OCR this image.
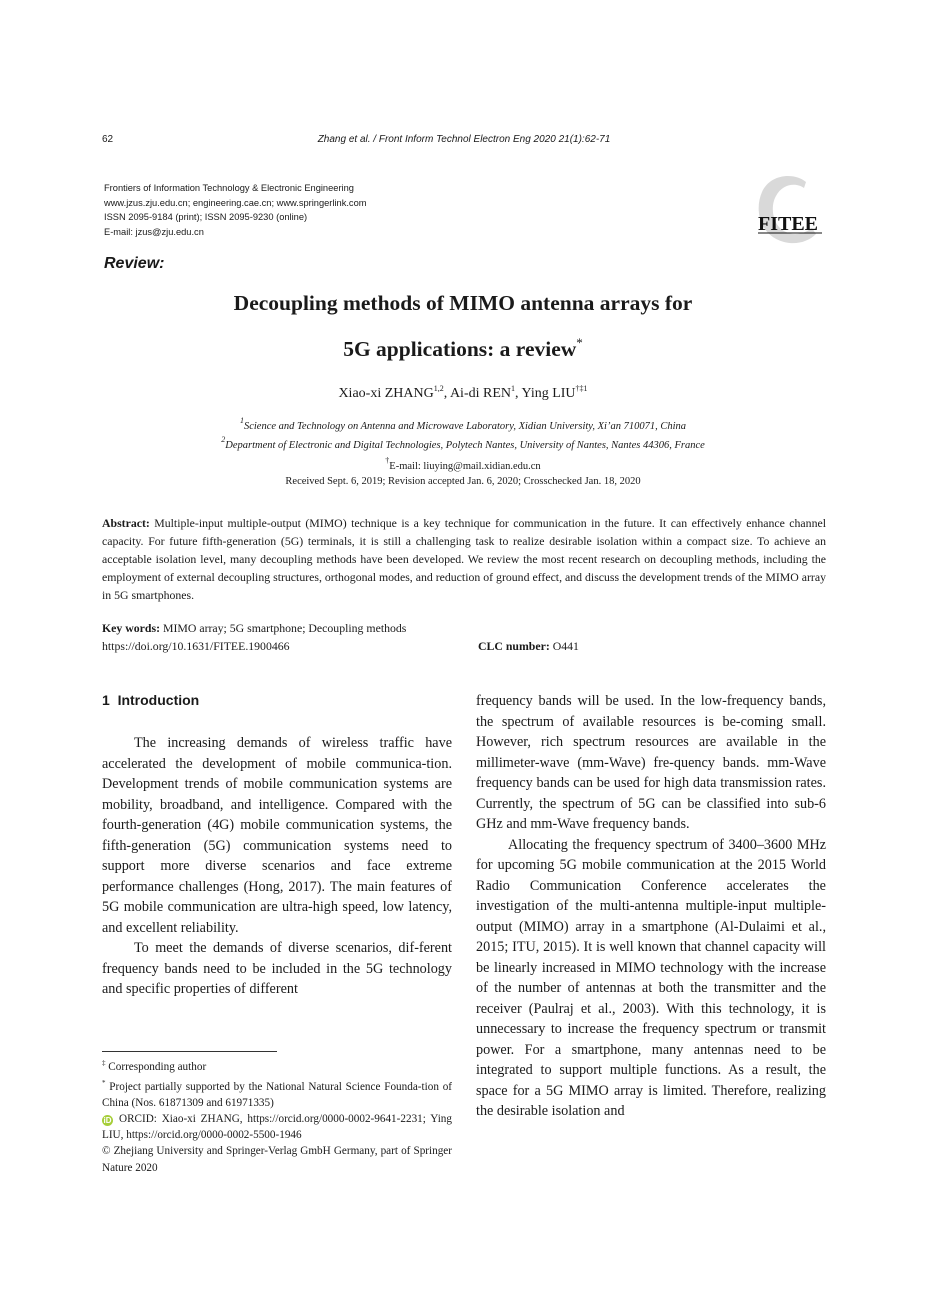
62	Zhang et al. / Front Inform Technol Electron Eng 2020 21(1):62-71
Frontiers of Information Technology & Electronic Engineering
www.jzus.zju.edu.cn; engineering.cae.cn; www.springerlink.com
ISSN 2095-9184 (print); ISSN 2095-9230 (online)
E-mail: jzus@zju.edu.cn	FITEE
Review:
Decoupling methods of MIMO antenna arrays for
5G applications: a review*
Xiao-xi ZHANG$^{1,2}$, Ai-di REN$^1$, Ying LIU$^{\dagger\ddagger 1}$
$^1$Science and Technology on Antenna and Microwave Laboratory, Xidian University, Xi’an 710071, China
$^2$Department of Electronic and Digital Technologies, Polytech Nantes, University of Nantes, Nantes 44306, France
†E-mail: liuying@mail.xidian.edu.cn
Received Sept. 6, 2019; Revision accepted Jan. 6, 2020; Crosschecked Jan. 18, 2020
Abstract: Multiple-input multiple-output (MIMO) technique is a key technique for communication in the future. It can effectively enhance channel capacity. For future fifth-generation (5G) terminals, it is still a challenging task to realize desirable isolation within a compact size. To achieve an acceptable isolation level, many decoupling methods have been developed. We review the most recent research on decoupling methods, including the employment of external decoupling structures, orthogonal modes, and reduction of ground effect, and discuss the development trends of the MIMO array in 5G smartphones.
Key words: MIMO array; 5G smartphone; Decoupling methods
https://doi.org/10.1631/FITEE.1900466	CLC number: O441
1 Introduction

The increasing demands of wireless traffic have accelerated the development of mobile communica-tion. Development trends of mobile communication systems are mobility, broadband, and intelligence. Compared with the fourth-generation (4G) mobile communication systems, the fifth-generation (5G) communication systems need to support more diverse scenarios and face extreme performance challenges (Hong, 2017). The main features of 5G mobile communication are ultra-high speed, low latency, and excellent reliability.

To meet the demands of diverse scenarios, dif-ferent frequency bands need to be included in the 5G technology and specific properties of different

frequency bands will be used. In the low-frequency bands, the spectrum of available resources is be-coming small. However, rich spectrum resources are available in the millimeter-wave (mm-Wave) fre-quency bands. mm-Wave frequency bands can be used for high data transmission rates. Currently, the spectrum of 5G can be classified into sub-6 GHz and mm-Wave frequency bands.

Allocating the frequency spectrum of 3400–3600 MHz for upcoming 5G mobile communication at the 2015 World Radio Communication Conference accelerates the investigation of the multi-antenna multiple-input multiple-output (MIMO) array in a smartphone (Al-Dulaimi et al., 2015; ITU, 2015). It is well known that channel capacity will be linearly increased in MIMO technology with the increase of the number of antennas at both the transmitter and the receiver (Paulraj et al., 2003). With this technology, it is unnecessary to increase the frequency spectrum or transmit power. For a smartphone, many antennas need to be integrated to support multiple functions. As a result, the space for a 5G MIMO array is limited. Therefore, realizing the desirable isolation and

‡ Corresponding author

* Project partially supported by the National Natural Science Founda-tion of China (Nos. 61871309 and 61971335)

iD ORCID: Xiao-xi ZHANG, https://orcid.org/0000-0002-9641-2231; Ying LIU, https://orcid.org/0000-0002-5500-1946

© Zhejiang University and Springer-Verlag GmbH Germany, part of Springer Nature 2020
